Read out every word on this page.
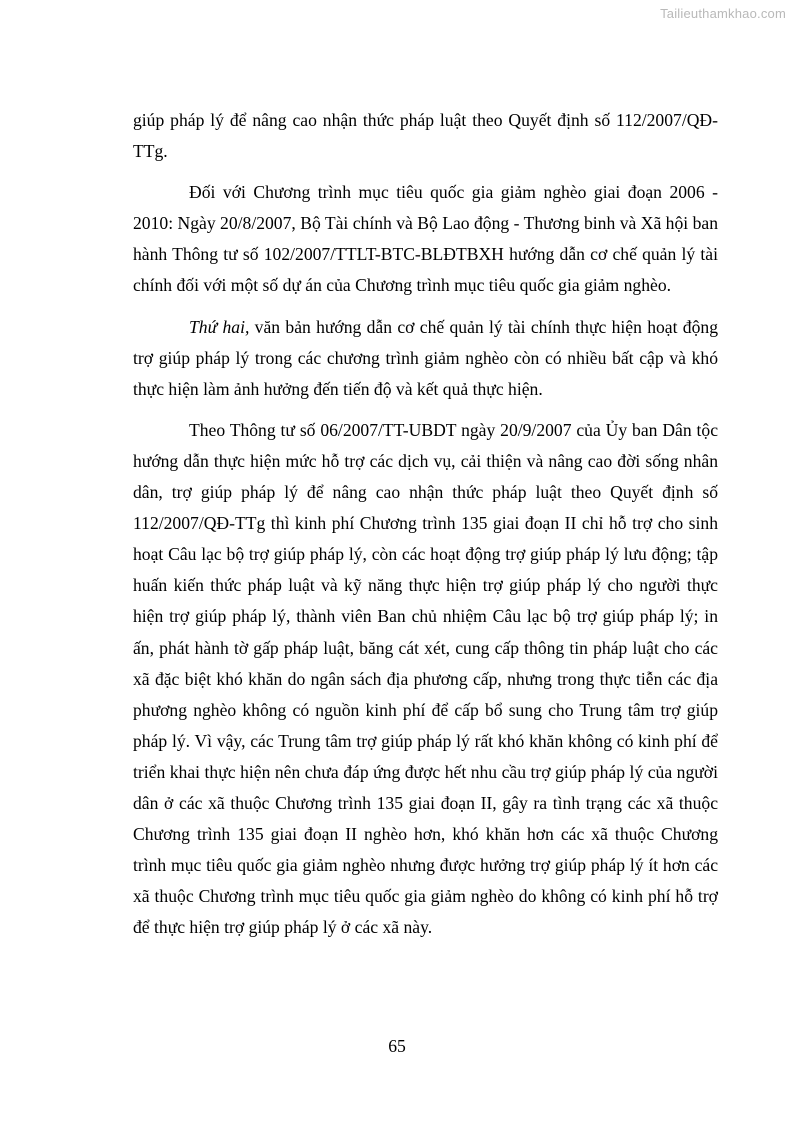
Tailieuthamkhao.com

giúp pháp lý để nâng cao nhận thức pháp luật theo Quyết định số 112/2007/QĐ-TTg.

Đối với Chương trình mục tiêu quốc gia giảm nghèo giai đoạn 2006 - 2010: Ngày 20/8/2007, Bộ Tài chính và Bộ Lao động - Thương binh và Xã hội ban hành Thông tư số 102/2007/TTLT-BTC-BLĐTBXH hướng dẫn cơ chế quản lý tài chính đối với một số dự án của Chương trình mục tiêu quốc gia giảm nghèo.

Thứ hai, văn bản hướng dẫn cơ chế quản lý tài chính thực hiện hoạt động trợ giúp pháp lý trong các chương trình giảm nghèo còn có nhiều bất cập và khó thực hiện làm ảnh hưởng đến tiến độ và kết quả thực hiện.

Theo Thông tư số 06/2007/TT-UBDT ngày 20/9/2007 của Ủy ban Dân tộc hướng dẫn thực hiện mức hỗ trợ các dịch vụ, cải thiện và nâng cao đời sống nhân dân, trợ giúp pháp lý để nâng cao nhận thức pháp luật theo Quyết định số 112/2007/QĐ-TTg thì kinh phí Chương trình 135 giai đoạn II chỉ hỗ trợ cho sinh hoạt Câu lạc bộ trợ giúp pháp lý, còn các hoạt động trợ giúp pháp lý lưu động; tập huấn kiến thức pháp luật và kỹ năng thực hiện trợ giúp pháp lý cho người thực hiện trợ giúp pháp lý, thành viên Ban chủ nhiệm Câu lạc bộ trợ giúp pháp lý; in ấn, phát hành tờ gấp pháp luật, băng cát xét, cung cấp thông tin pháp luật cho các xã đặc biệt khó khăn do ngân sách địa phương cấp, nhưng trong thực tiễn các địa phương nghèo không có nguồn kinh phí để cấp bổ sung cho Trung tâm trợ giúp pháp lý. Vì vậy, các Trung tâm trợ giúp pháp lý rất khó khăn không có kinh phí để triển khai thực hiện nên chưa đáp ứng được hết nhu cầu trợ giúp pháp lý của người dân ở các xã thuộc Chương trình 135 giai đoạn II, gây ra tình trạng các xã thuộc Chương trình 135 giai đoạn II nghèo hơn, khó khăn hơn các xã thuộc Chương trình mục tiêu quốc gia giảm nghèo nhưng được hưởng trợ giúp pháp lý ít hơn các xã thuộc Chương trình mục tiêu quốc gia giảm nghèo do không có kinh phí hỗ trợ để thực hiện trợ giúp pháp lý ở các xã này.

65
